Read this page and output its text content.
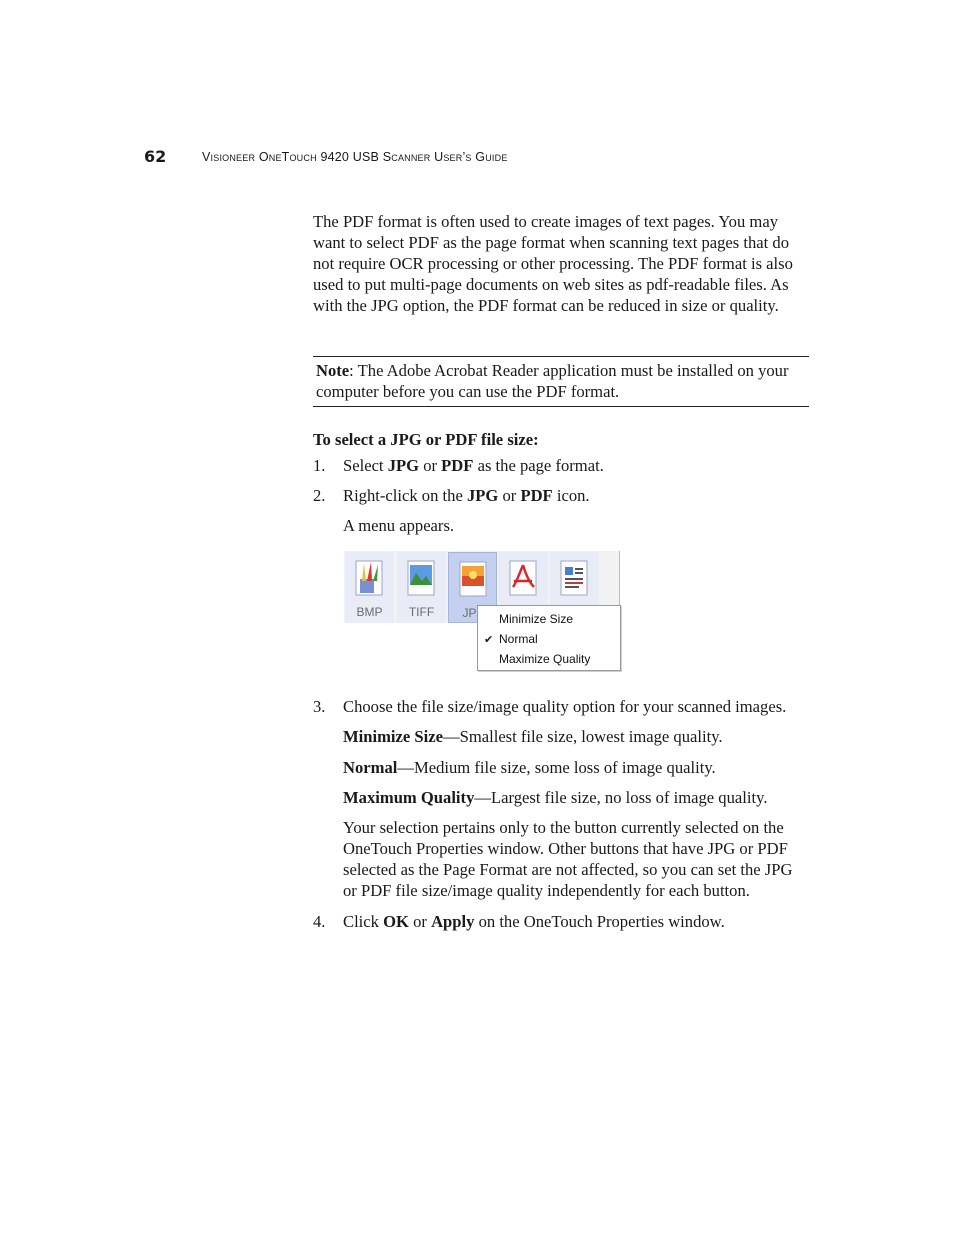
62	Visioneer OneTouch 9420 USB Scanner User’s Guide
The PDF format is often used to create images of text pages. You may want to select PDF as the page format when scanning text pages that do not require OCR processing or other processing. The PDF format is also used to put multi-page documents on web sites as pdf-readable files. As with the JPG option, the PDF format can be reduced in size or quality.
Note: The Adobe Acrobat Reader application must be installed on your computer before you can use the PDF format.
To select a JPG or PDF file size:
1. Select JPG or PDF as the page format.
2. Right-click on the JPG or PDF icon.
A menu appears.
BMP	TIFF	JP	Minimize Size
✔ Normal
Maximize Quality
3. Choose the file size/image quality option for your scanned images.
Minimize Size—Smallest file size, lowest image quality.
Normal—Medium file size, some loss of image quality.
Maximum Quality—Largest file size, no loss of image quality.
Your selection pertains only to the button currently selected on the OneTouch Properties window. Other buttons that have JPG or PDF selected as the Page Format are not affected, so you can set the JPG or PDF file size/image quality independently for each button.
4. Click OK or Apply on the OneTouch Properties window.
